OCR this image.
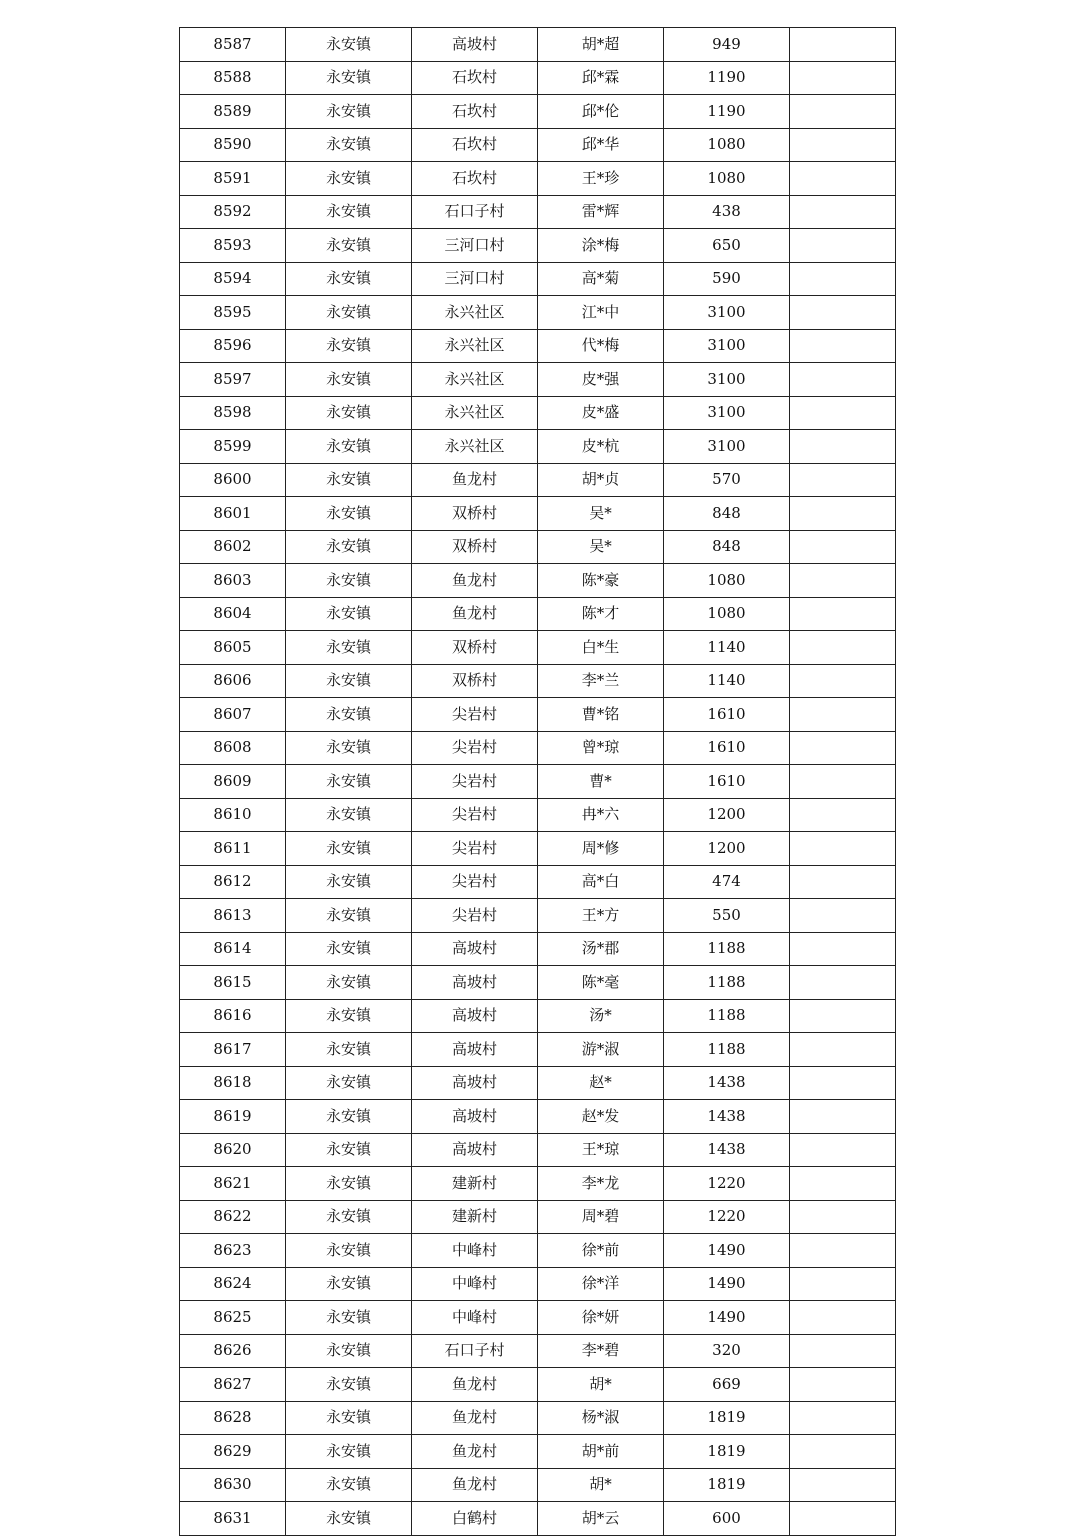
8587	永安镇	高坡村	胡*超	949	
8588	永安镇	石坎村	邱*霖	1190	
8589	永安镇	石坎村	邱*伦	1190	
8590	永安镇	石坎村	邱*华	1080	
8591	永安镇	石坎村	王*珍	1080	
8592	永安镇	石口子村	雷*辉	438	
8593	永安镇	三河口村	涂*梅	650	
8594	永安镇	三河口村	高*菊	590	
8595	永安镇	永兴社区	江*中	3100	
8596	永安镇	永兴社区	代*梅	3100	
8597	永安镇	永兴社区	皮*强	3100	
8598	永安镇	永兴社区	皮*盛	3100	
8599	永安镇	永兴社区	皮*杭	3100	
8600	永安镇	鱼龙村	胡*贞	570	
8601	永安镇	双桥村	吴*	848	
8602	永安镇	双桥村	吴*	848	
8603	永安镇	鱼龙村	陈*豪	1080	
8604	永安镇	鱼龙村	陈*才	1080	
8605	永安镇	双桥村	白*生	1140	
8606	永安镇	双桥村	李*兰	1140	
8607	永安镇	尖岩村	曹*铭	1610	
8608	永安镇	尖岩村	曾*琼	1610	
8609	永安镇	尖岩村	曹*	1610	
8610	永安镇	尖岩村	冉*六	1200	
8611	永安镇	尖岩村	周*修	1200	
8612	永安镇	尖岩村	高*白	474	
8613	永安镇	尖岩村	王*方	550	
8614	永安镇	高坡村	汤*郡	1188	
8615	永安镇	高坡村	陈*毫	1188	
8616	永安镇	高坡村	汤*	1188	
8617	永安镇	高坡村	游*淑	1188	
8618	永安镇	高坡村	赵*	1438	
8619	永安镇	高坡村	赵*发	1438	
8620	永安镇	高坡村	王*琼	1438	
8621	永安镇	建新村	李*龙	1220	
8622	永安镇	建新村	周*碧	1220	
8623	永安镇	中峰村	徐*前	1490	
8624	永安镇	中峰村	徐*洋	1490	
8625	永安镇	中峰村	徐*妍	1490	
8626	永安镇	石口子村	李*碧	320	
8627	永安镇	鱼龙村	胡*	669	
8628	永安镇	鱼龙村	杨*淑	1819	
8629	永安镇	鱼龙村	胡*前	1819	
8630	永安镇	鱼龙村	胡*	1819	
8631	永安镇	白鹤村	胡*云	600	
